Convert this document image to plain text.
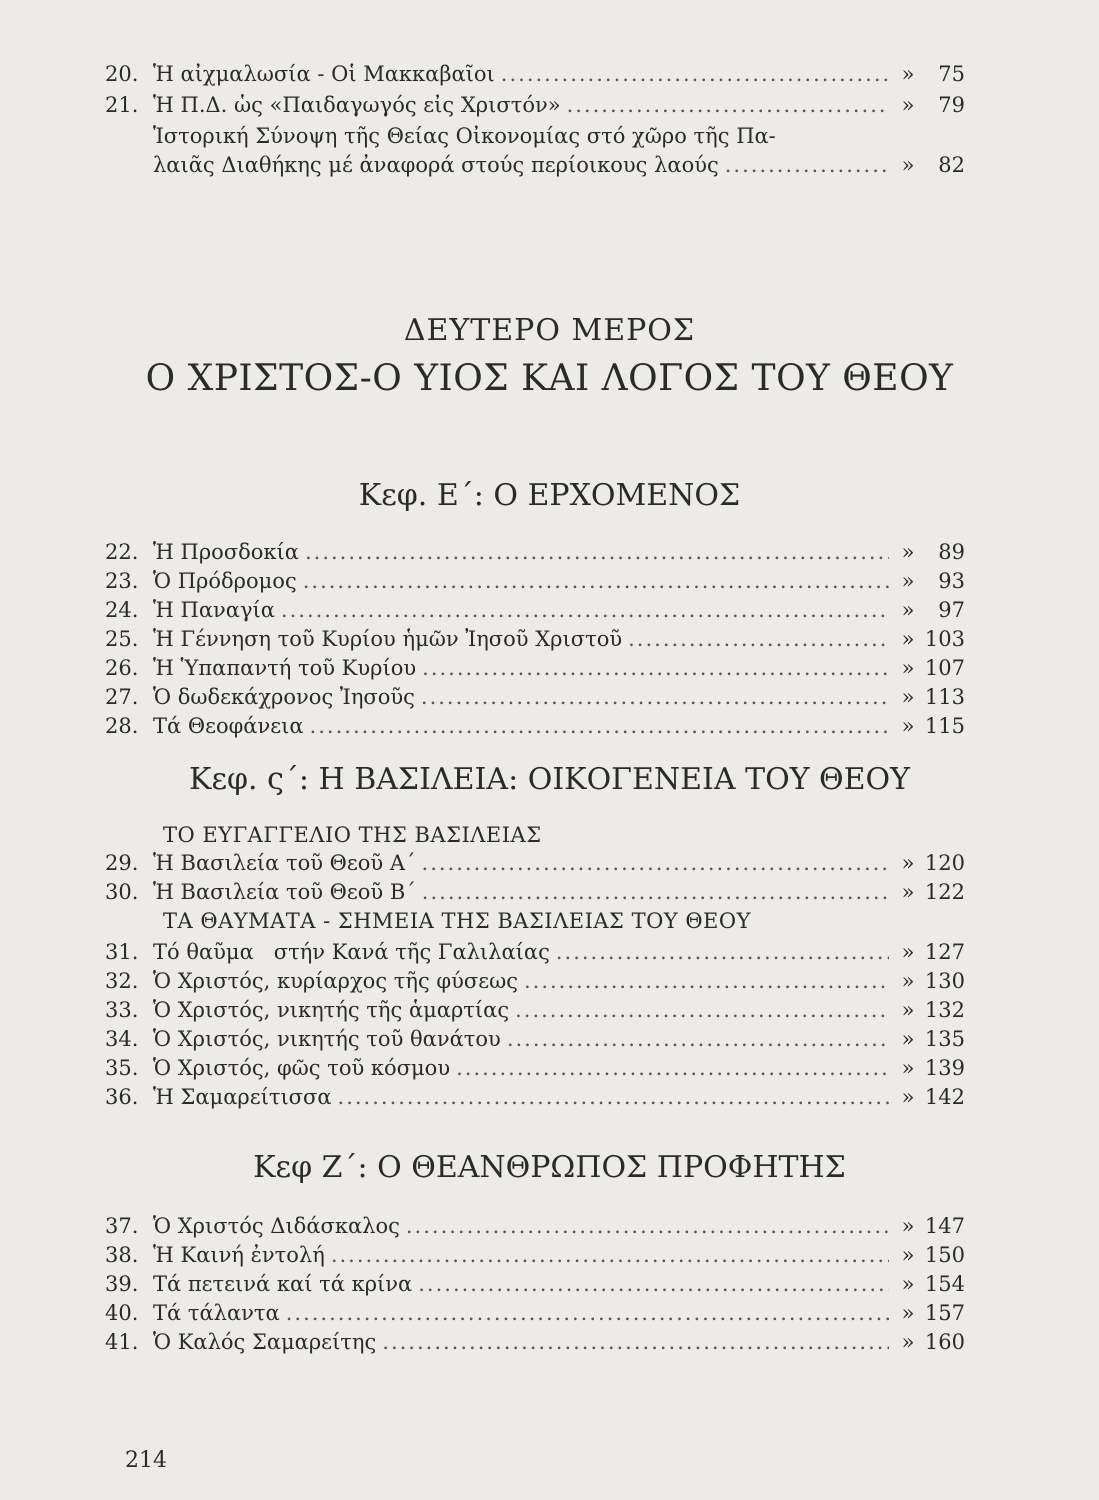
20. Ἡ αἰχμαλωσία - Οἱ Μακκαβαῖοι .....	»	75
21. Ἡ Π.Δ. ὡς «Παιδαγωγός εἰς Χριστόν» .....	»	79
Ἱστορική Σύνοψη τῆς Θείας Οἰκονομίας στό χῶρο τῆς Πα-
λαιᾶς Διαθήκης μέ ἀναφορά στούς περίοικους λαούς .....	»	82
ΔΕΥΤΕΡΟ ΜΕΡΟΣ
Ο ΧΡΙΣΤΟΣ-Ο ΥΙΟΣ ΚΑΙ ΛΟΓΟΣ ΤΟΥ ΘΕΟΥ
Κεφ. Ε΄: Ο ΕΡΧΟΜΕΝΟΣ
22. Ἡ Προσδοκία .....	»	89
23. Ὁ Πρόδρομος .....	»	93
24. Ἡ Παναγία .....	»	97
25. Ἡ Γέννηση τοῦ Κυρίου ἡμῶν Ἰησοῦ Χριστοῦ .....	» 103
26. Ἡ Ὑπαπαντή τοῦ Κυρίου .....	» 107
27. Ὁ δωδεκάχρονος Ἰησοῦς .....	» 113
28. Τά Θεοφάνεια .....	» 115
Κεφ. ς΄: Η ΒΑΣΙΛΕΙΑ: ΟΙΚΟΓΕΝΕΙΑ ΤΟΥ ΘΕΟΥ
ΤΟ ΕΥΓΑΓΓΕΛΙΟ ΤΗΣ ΒΑΣΙΛΕΙΑΣ
29. Ἡ Βασιλεία τοῦ Θεοῦ Α΄ .....	» 120
30. Ἡ Βασιλεία τοῦ Θεοῦ Β΄ .....	» 122
ΤΑ ΘΑΥΜΑΤΑ - ΣΗΜΕΙΑ ΤΗΣ ΒΑΣΙΛΕΙΑΣ ΤΟΥ ΘΕΟΥ
31. Τό θαῦμα   στήν Κανά τῆς Γαλιλαίας .....	» 127
32. Ὁ Χριστός, κυρίαρχος τῆς φύσεως .....	» 130
33. Ὁ Χριστός, νικητής τῆς ἁμαρτίας .....	» 132
34. Ὁ Χριστός, νικητής τοῦ θανάτου .....	» 135
35. Ὁ Χριστός, φῶς τοῦ κόσμου .....	» 139
36. Ἡ Σαμαρείτισσα .....	» 142
Κεφ Ζ΄: Ο ΘΕΑΝΘΡΩΠΟΣ ΠΡΟΦΗΤΗΣ
37. Ὁ Χριστός Διδάσκαλος .....	» 147
38. Ἡ Καινή ἐντολή .....	» 150
39. Τά πετεινά καί τά κρίνα .....	» 154
40. Τά τάλαντα .....	» 157
41. Ὁ Καλός Σαμαρείτης .....	» 160
214
